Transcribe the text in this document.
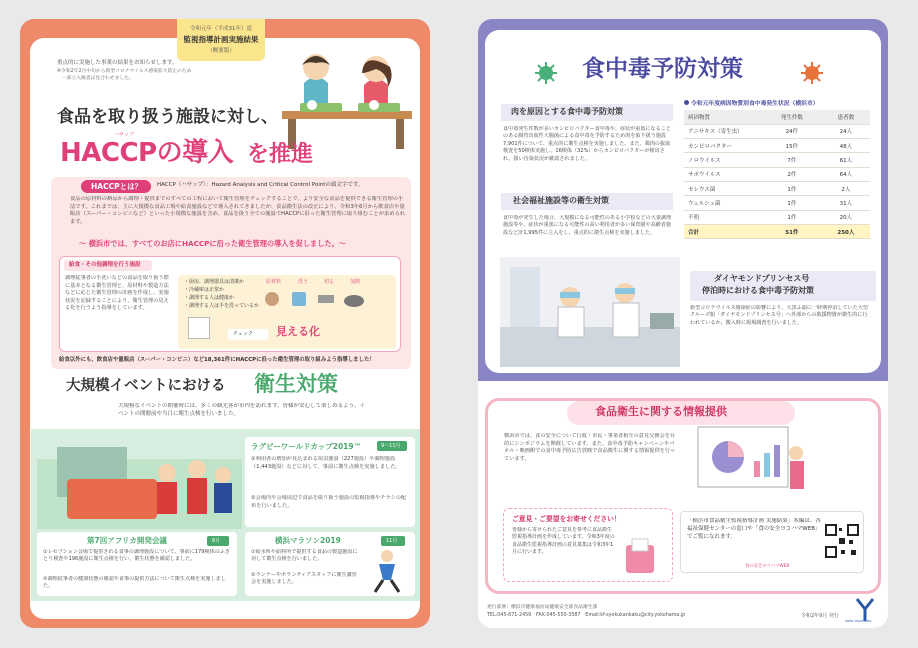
令和元年（平成31年）度
監視指導計画実施結果
（概要版）
重点的に実施した事業の結果をお知らせします。
※令和2年2月中旬から新型コロナウイルス感染拡大防止のため
　一部立入検査は見合わせました。
食品を取り扱う施設に対し、
ハサップ
HACCPの導入 を推進
HACCPとは？	HACCP（ハサップ）：Hazard Analysis and Critical Control Pointの頭文字です。
食品の原材料の納品から調理・提供までのすべての工程において衛生管理をチェックすることで、より安全な食品を提供できる衛生管理の手法です。これまでは、主に大規模な食品工場や給食施設などで導入されてきましたが、食品衛生法の改正により、令和3年6月から飲食店や量販店（スーパー・コンビニなど）といった小規模な施設を含め、食品を扱う全ての施設でHACCPに沿った衛生管理に取り組むことが求められます。
～ 横浜市では、すべてのお店にHACCPに沿った衛生管理の導入を促しました。～
給食・その他調理を行う施設
調理従事者の手洗いなどの食品を取り扱う際に基本となる衛生管理と、原材料や製造方法などに応じた衛生管理の計画を作成し、実施状況を記録することにより、衛生管理の見える化を行うよう指導をしています。
・厨房、調理器具は清潔か
・冷蔵庫は正常か
・調理する人は健康か
・調理する人は手を洗っているか
原材料	洗う	切る	加熱
チェック 見える化
給食以外にも、飲食店や量販店（スーパー・コンビニ）など18,361件にHACCPに沿った衛生管理の取り組みよう指導しました！
大規模イベントにおける 衛生対策
大規模なイベントの開催時には、多くの観光客が市内を訪れます。皆様が安心して楽しめるよう、イベントの開催前や当日に衛生点検を行いました。
ラグビーワールドカップ2019™	9〜11月
①利用者の増加が見込まれる宿泊施設（227施設）や調理施設（1,443施設）などに対して、事前に衛生点検を実施しました。
②会場内や会場周辺で食品を取り扱う施設の監視指導やチラシの配布を行いました。
第7回アフリカ開発会議	8月
①レセプション会場で提供される食事の調理施設について、事前に179検体のふきとり検査や196施設に衛生点検を行い、衛生状態を確認しました。
②調理従事者の健康状態の確認や食事の提供方法について衛生点検を実施しました。
横浜マラソン2019	11月
①給水所や給料所で提供する食品の製造施設に対して衛生点検を行いました。
②ランナーやボランティアスタッフに衛生講習会を実施しました。
食中毒予防対策
肉を原因とする食中毒予防対策
食中毒発生件数が多いカンピロバクター食中毒や、症状が重篤になることのある腸管出血性大腸菌による食中毒を予防するため肉を取り扱う施設7,901件について、重点的に衛生点検を実施しました。また、鶏肉の抜取検査を50検体実施し、16検体（32%）からカンピロバクターが検出され、扱い汚染状況が確認されました。
社会福祉施設等の衛生対策
食中毒が発生した場合、大規模になる可能性のある小学校などの大量調理施設等や、症状が重篤になる可能性の高い利用者が多い保育園や高齢者施設など計1,995件に立入をし、重点的に衛生点検を実施しました。
令和元年度病因物質別食中毒発生状況（横浜市）
病因物質	発生件数	患者数
アニサキス（寄生虫）	24件	24人
カンピロバクター	15件	48人
ノロウイルス	7件	61人
サポウイルス	2件	64人
セレウス菌	1件	2人
ウェルシュ菌	1件	31人
不明	1件	20人
合計	51件	250人
ダイヤモンドプリンセス号
停泊時における食中毒予防対策
新型コロナウイルス感染症の影響により、大黒ふ頭に一時期停泊していた大型クルーズ船「ダイヤモンドプリンセス号」へ外部からの救援物資が衛生的に行われているか、搬入時に現場調査を行いました。
食品衛生に関する情報提供
横浜市では、食の安全について行政・市民・事業者相互の意見交換会を目的にシンポジウムを開催しています。また、食中毒予防キャンペーンやパネル・映画館での食中毒予防広告放映で食品衛生に関する情報提供を行っています。
ご意見・ご要望をお寄せください！
皆様から寄せられたご意見を参考に食品衛生監視指導計画を作成しています。令和3年度の食品衛生監視指導計画の意見募集は令和3年1月に行います。
「横浜市食品衛生監視指導計画 実施結果」本編は、各福祉保健センターの窓口や「食の安全ヨコハマWEB」でご覧になれます。
食の安全ヨコハマWEB
発行部署：横浜市健康福祉局健康安全部食品衛生課
TEL:045-671-2459　FAX:045-550-3587　Email:kf-syokukankaku@city.yokohama.jp	令和2年9月 発行
OPEN YOKOHAMA
